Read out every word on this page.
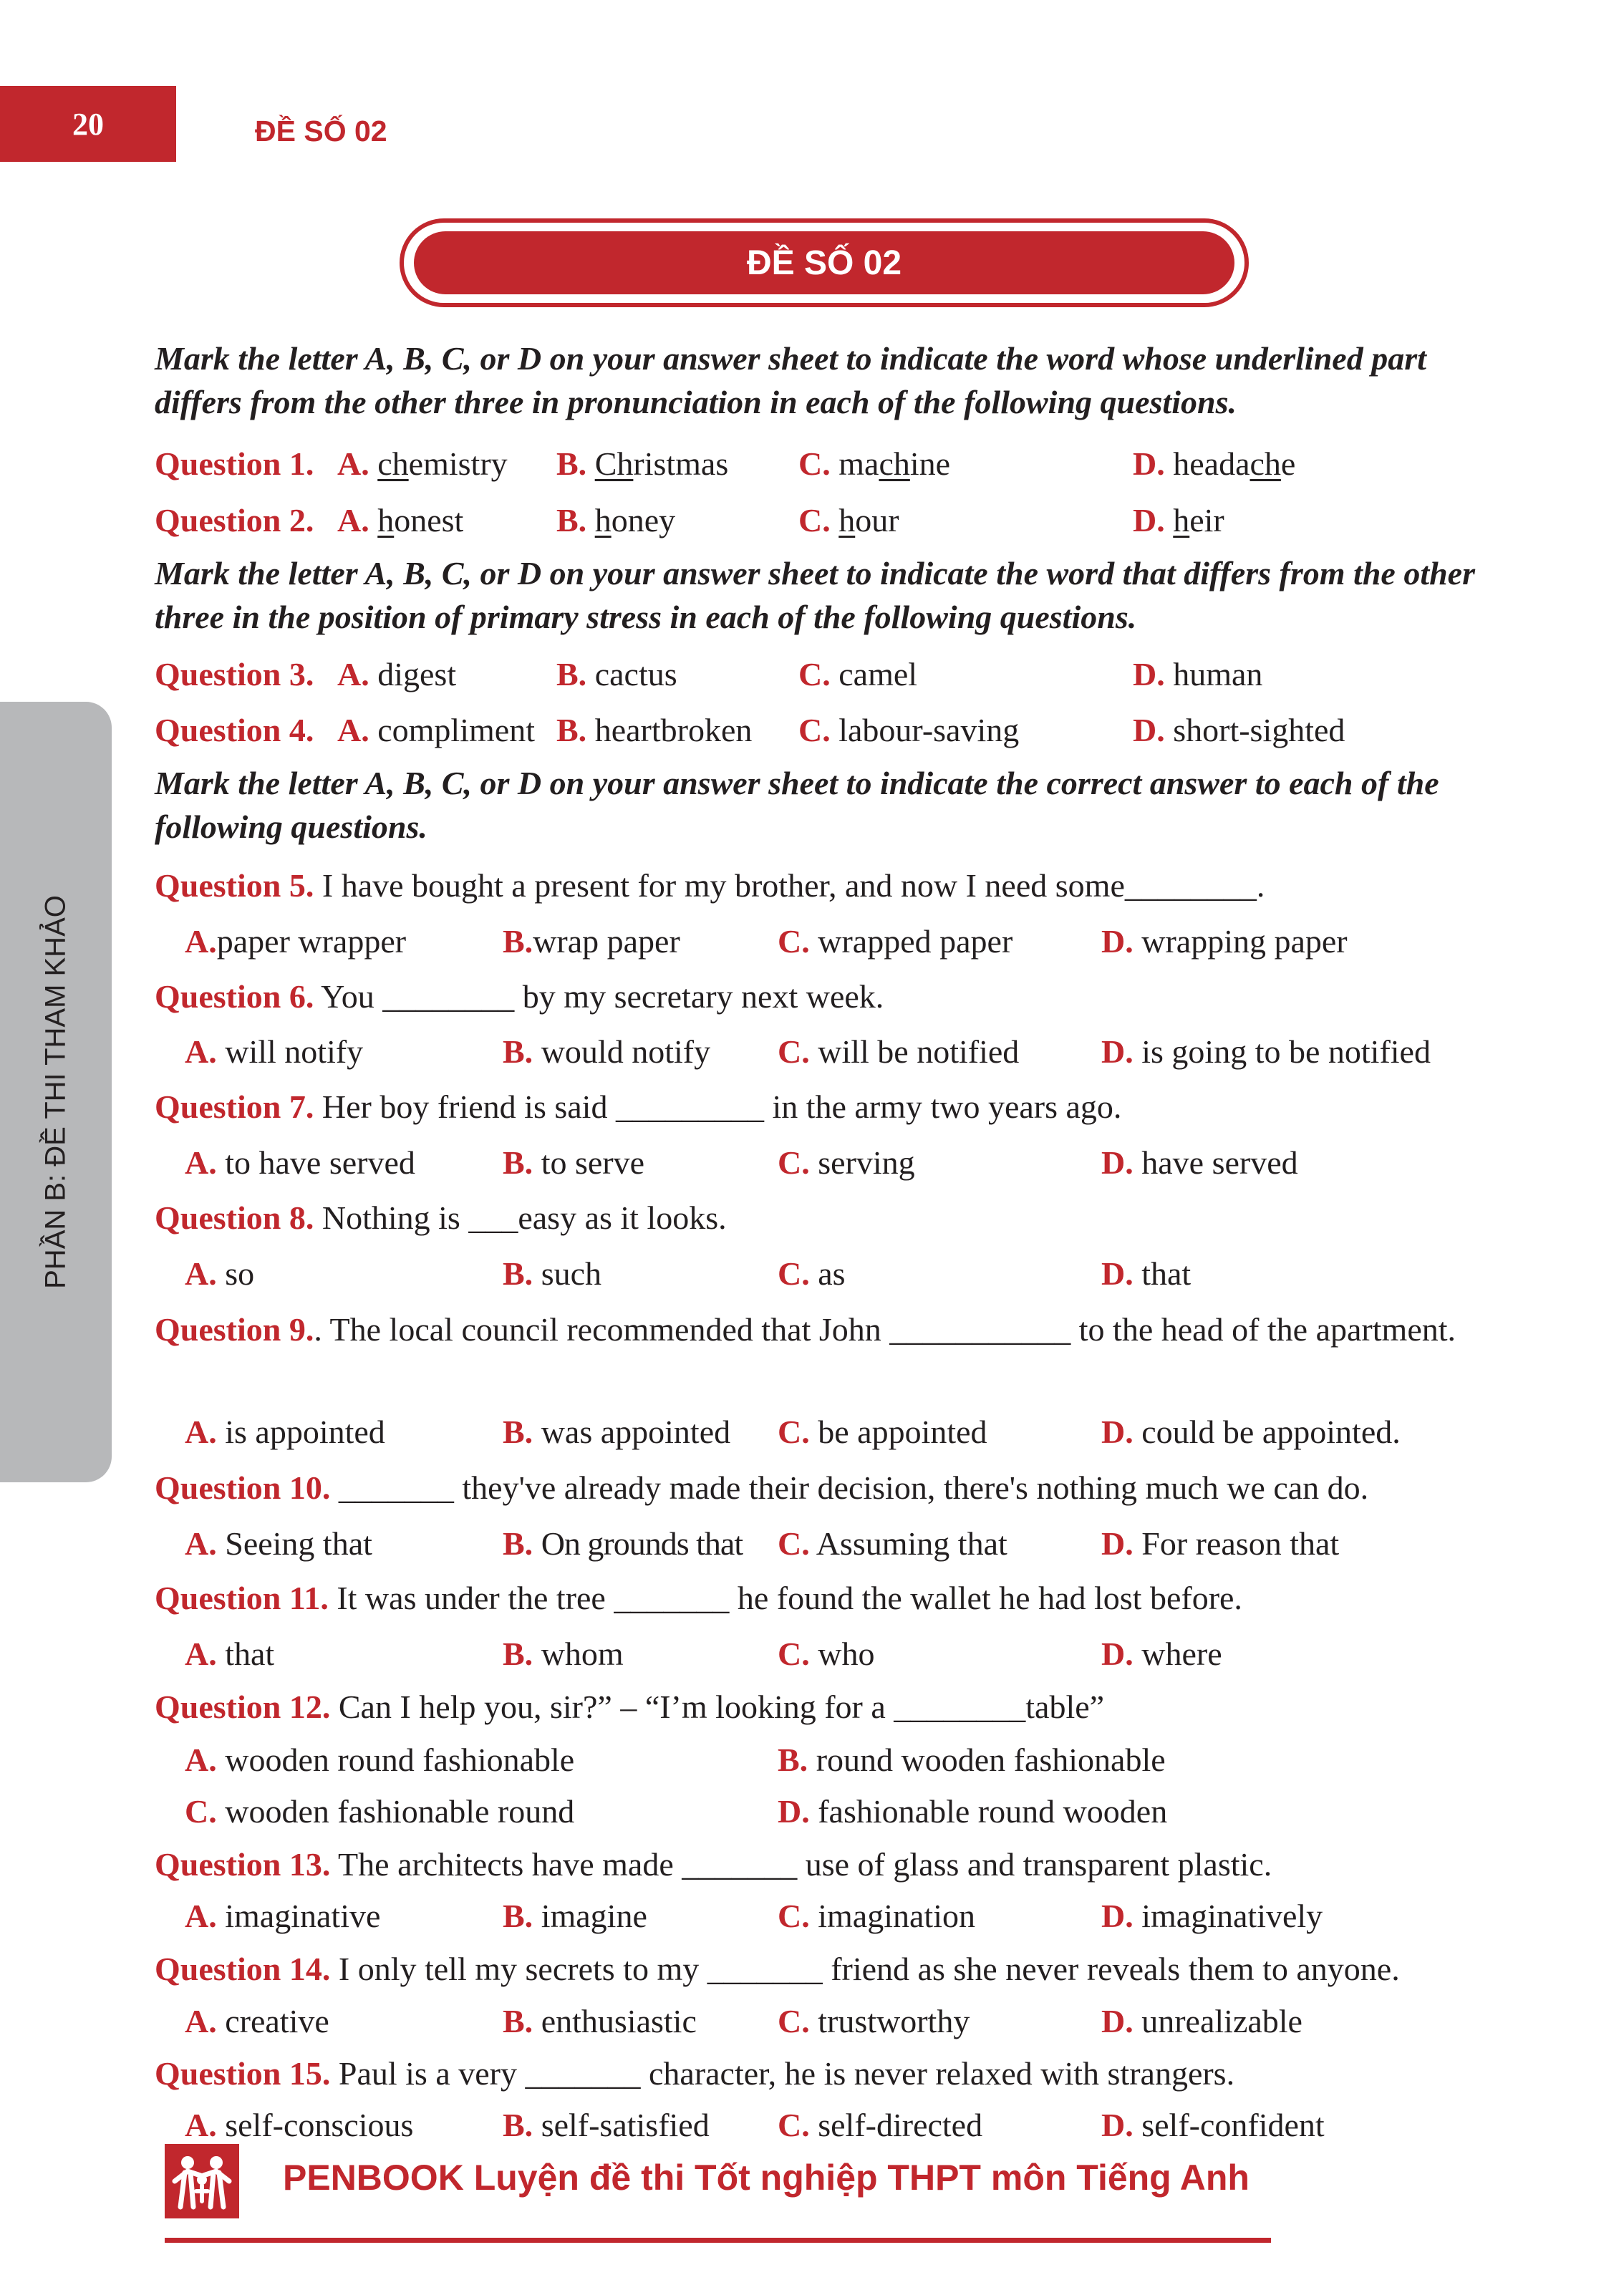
20	ĐỀ SỐ 02
ĐỀ SỐ 02
PHẦN B: ĐỀ THI THAM KHẢO
Mark the letter A, B, C, or D on your answer sheet to indicate the word whose underlined part differs from the other three in pronunciation in each of the following questions.
Question 1. A. chemistry B. Christmas C. machine	D. headache
Question 2. A. honest	B. honey	C. hour	D. heir
Mark the letter A, B, C, or D on your answer sheet to indicate the word that differs from the other three in the position of primary stress in each of the following questions.
Question 3. A. digest	B. cactus	C. camel	D. human
Question 4. A. compliment B. heartbroken C. labour-saving	D. short-sighted
Mark the letter A, B, C, or D on your answer sheet to indicate the correct answer to each of the following questions.
Question 5. I have bought a present for my brother, and now I need some________.
A.paper wrapper	B.wrap paper	C. wrapped paper	D. wrapping paper
Question 6. You ________ by my secretary next week.
A. will notify	B. would notify C. will be notified D. is going to be notified
Question 7. Her boy friend is said _________ in the army two years ago.
A. to have served	B. to serve	C. serving	D. have served
Question 8. Nothing is ___easy as it looks.
A. so	B. such	C. as	D. that
Question 9.. The local council recommended that John ___________ to the head of the apartment.
A. is appointed	B. was appointed C. be appointed	D. could be appointed.
Question 10. _______ they've already made their decision, there's nothing much we can do.
A. Seeing that	B. On grounds that C. Assuming that	D. For reason that
Question 11. It was under the tree _______ he found the wallet he had lost before.
A. that	B. whom	C. who	D. where
Question 12. Can I help you, sir?” – “I’m looking for a ________table”
A. wooden round fashionable	B. round wooden fashionable
C. wooden fashionable round	D. fashionable round wooden
Question 13. The architects have made _______ use of glass and transparent plastic.
A. imaginative	B. imagine	C. imagination	D. imaginatively
Question 14. I only tell my secrets to my _______ friend as she never reveals them to anyone.
A. creative	B. enthusiastic C. trustworthy	D. unrealizable
Question 15. Paul is a very _______ character, he is never relaxed with strangers.
A. self-conscious	B. self-satisfied C. self-directed	D. self-confident
PENBOOK Luyện đề thi Tốt nghiệp THPT môn Tiếng Anh
